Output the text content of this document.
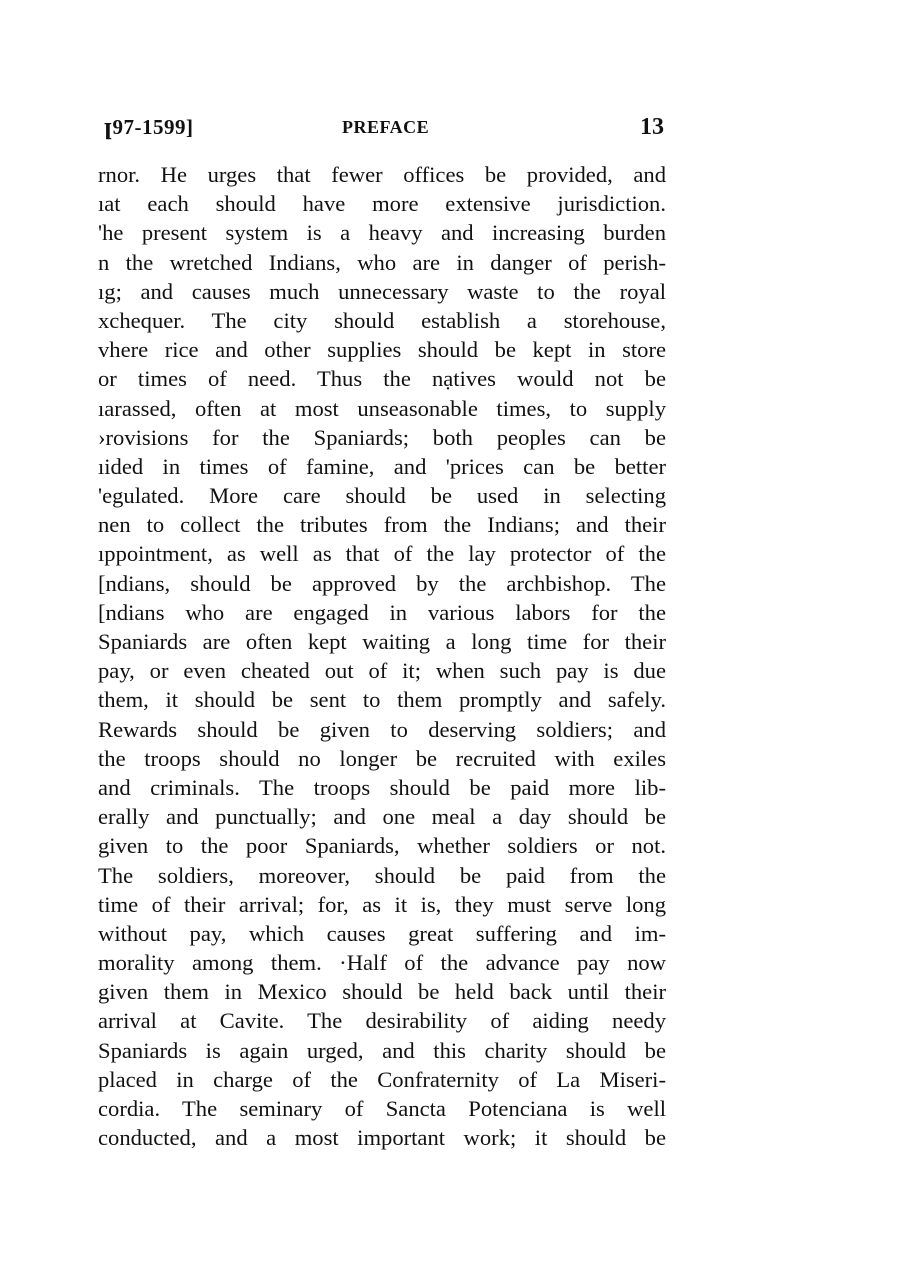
ꞁ97-1599]	PREFACE	13
rnor. He urges that fewer offices be provided, and
ıat each should have more extensive jurisdiction.
'he present system is a heavy and increasing burden
n the wretched Indians, who are in danger of perish-
ıg; and causes much unnecessary waste to the royal
xchequer. The city should establish a storehouse,
vhere rice and other supplies should be kept in store
or times of need. Thus the nạtives would not be
ıarassed, often at most unseasonable times, to supply
›rovisions for the Spaniards; both peoples can be
ıided in times of famine, and 'prices can be better
'egulated. More care should be used in selecting
nen to collect the tributes from the Indians; and their
ıppointment, as well as that of the lay protector of the
[ndians, should be approved by the archbishop. The
[ndians who are engaged in various labors for the
Spaniards are often kept waiting a long time for their
pay, or even cheated out of it; when such pay is due
them, it should be sent to them promptly and safely.
Rewards should be given to deserving soldiers; and
the troops should no longer be recruited with exiles
and criminals. The troops should be paid more lib-
erally and punctually; and one meal a day should be
given to the poor Spaniards, whether soldiers or not.
The soldiers, moreover, should be paid from the
time of their arrival; for, as it is, they must serve long
without pay, which causes great suffering and im-
morality among them. ·Half of the advance pay now
given them in Mexico should be held back until their
arrival at Cavite. The desirability of aiding needy
Spaniards is again urged, and this charity should be
placed in charge of the Confraternity of La Miseri-
cordia. The seminary of Sancta Potenciana is well
conducted, and a most important work; it should be
